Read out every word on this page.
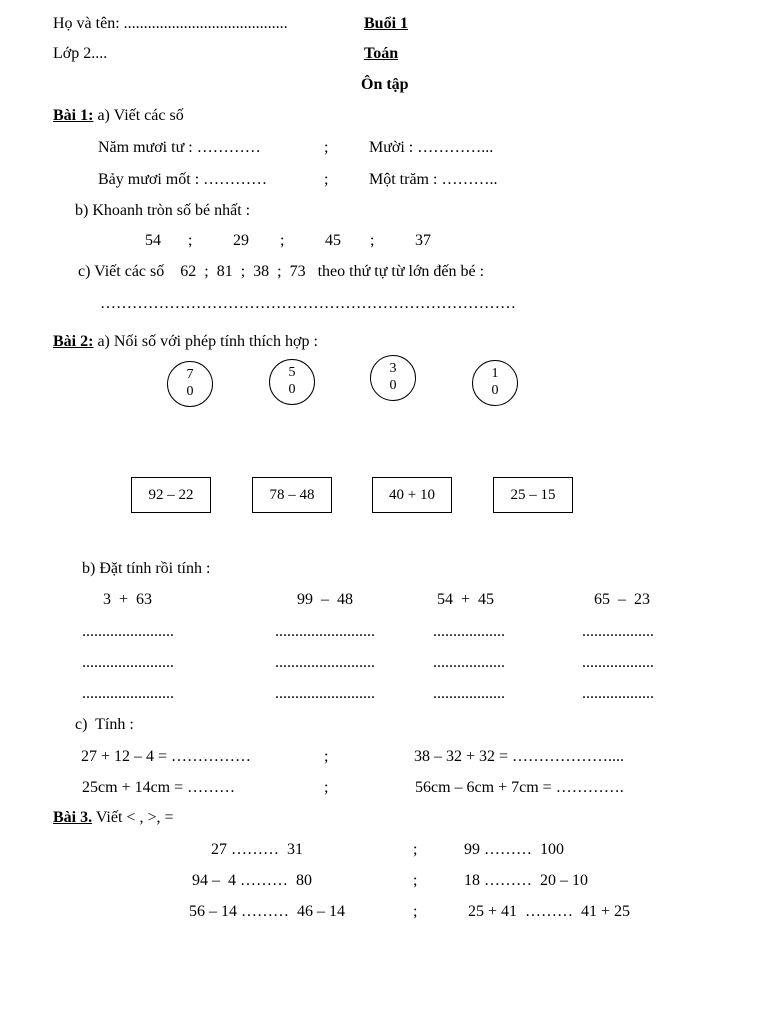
Họ và tên: .........................................	Buổi 1
Lớp 2....	Toán
Ôn tập
Bài 1: a) Viết các số
Năm mươi tư : …………	;	Mười : …………...
Bảy mươi mốt : …………	;	Một trăm : ………..
b) Khoanh tròn số bé nhất :
54 ;	29 ;	45 ;	37
c) Viết các số    62  ;  81  ;  38  ;  73   theo thứ tự từ lớn đến bé :
……………………………………………………………………
Bài 2: a) Nối số với phép tính thích hợp :
7
0
5
0
3
0
1
0
92 – 22	78 – 48	40 + 10	25 – 15
b) Đặt tính rồi tính :
3  +  63	99  –  48	54  +  45	65  –  23
.......................	.........................	..................	..................
.......................	.........................	..................	..................
.......................	.........................	..................	..................
c)  Tính :
27 + 12 – 4 = ……………	;	38 – 32 + 32 = ………………....
25cm + 14cm = ………	;	56cm – 6cm + 7cm = ………….
Bài 3. Viết < , >, =
27 ………  31	;	99 ………  100
94 –  4 ………  80	;	18 ………  20 – 10
56 – 14 ………  46 – 14	;	25 + 41  ………  41 + 25
